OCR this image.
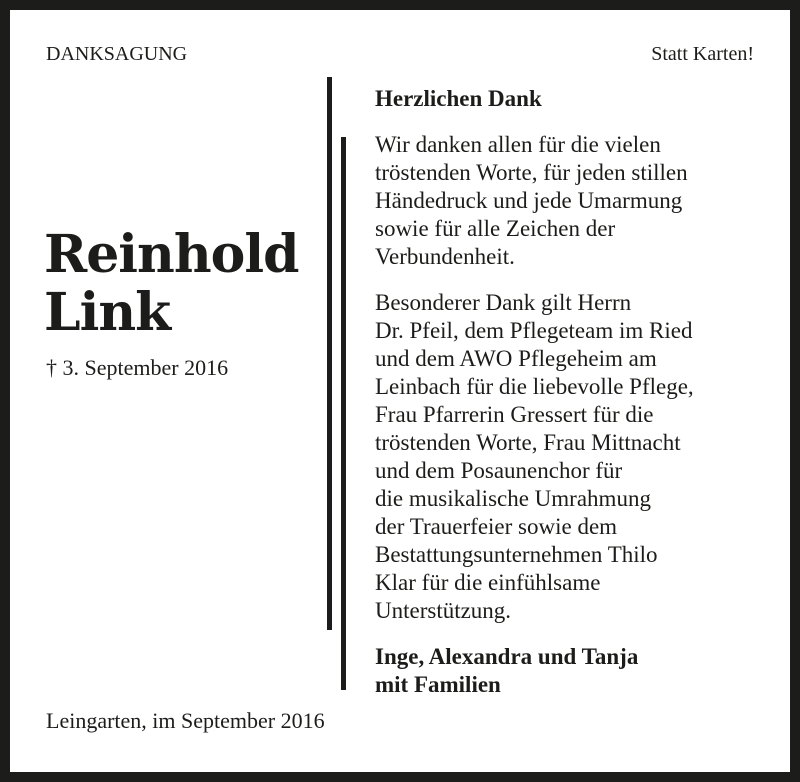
DANKSAGUNG	Statt Karten!
Reinhold
Link
† 3. September 2016

Herzlichen Dank

Wir danken allen für die vielen
tröstenden Worte, für jeden stillen
Händedruck und jede Umarmung
sowie für alle Zeichen der
Verbundenheit.

Besonderer Dank gilt Herrn
Dr. Pfeil, dem Pflegeteam im Ried
und dem AWO Pflegeheim am
Leinbach für die liebevolle Pflege,
Frau Pfarrerin Gressert für die
tröstenden Worte, Frau Mittnacht
und dem Posaunenchor für
die musikalische Umrahmung
der Trauerfeier sowie dem
Bestattungsunternehmen Thilo
Klar für die einfühlsame
Unterstützung.

Inge, Alexandra und Tanja
mit Familien

Leingarten, im September 2016
